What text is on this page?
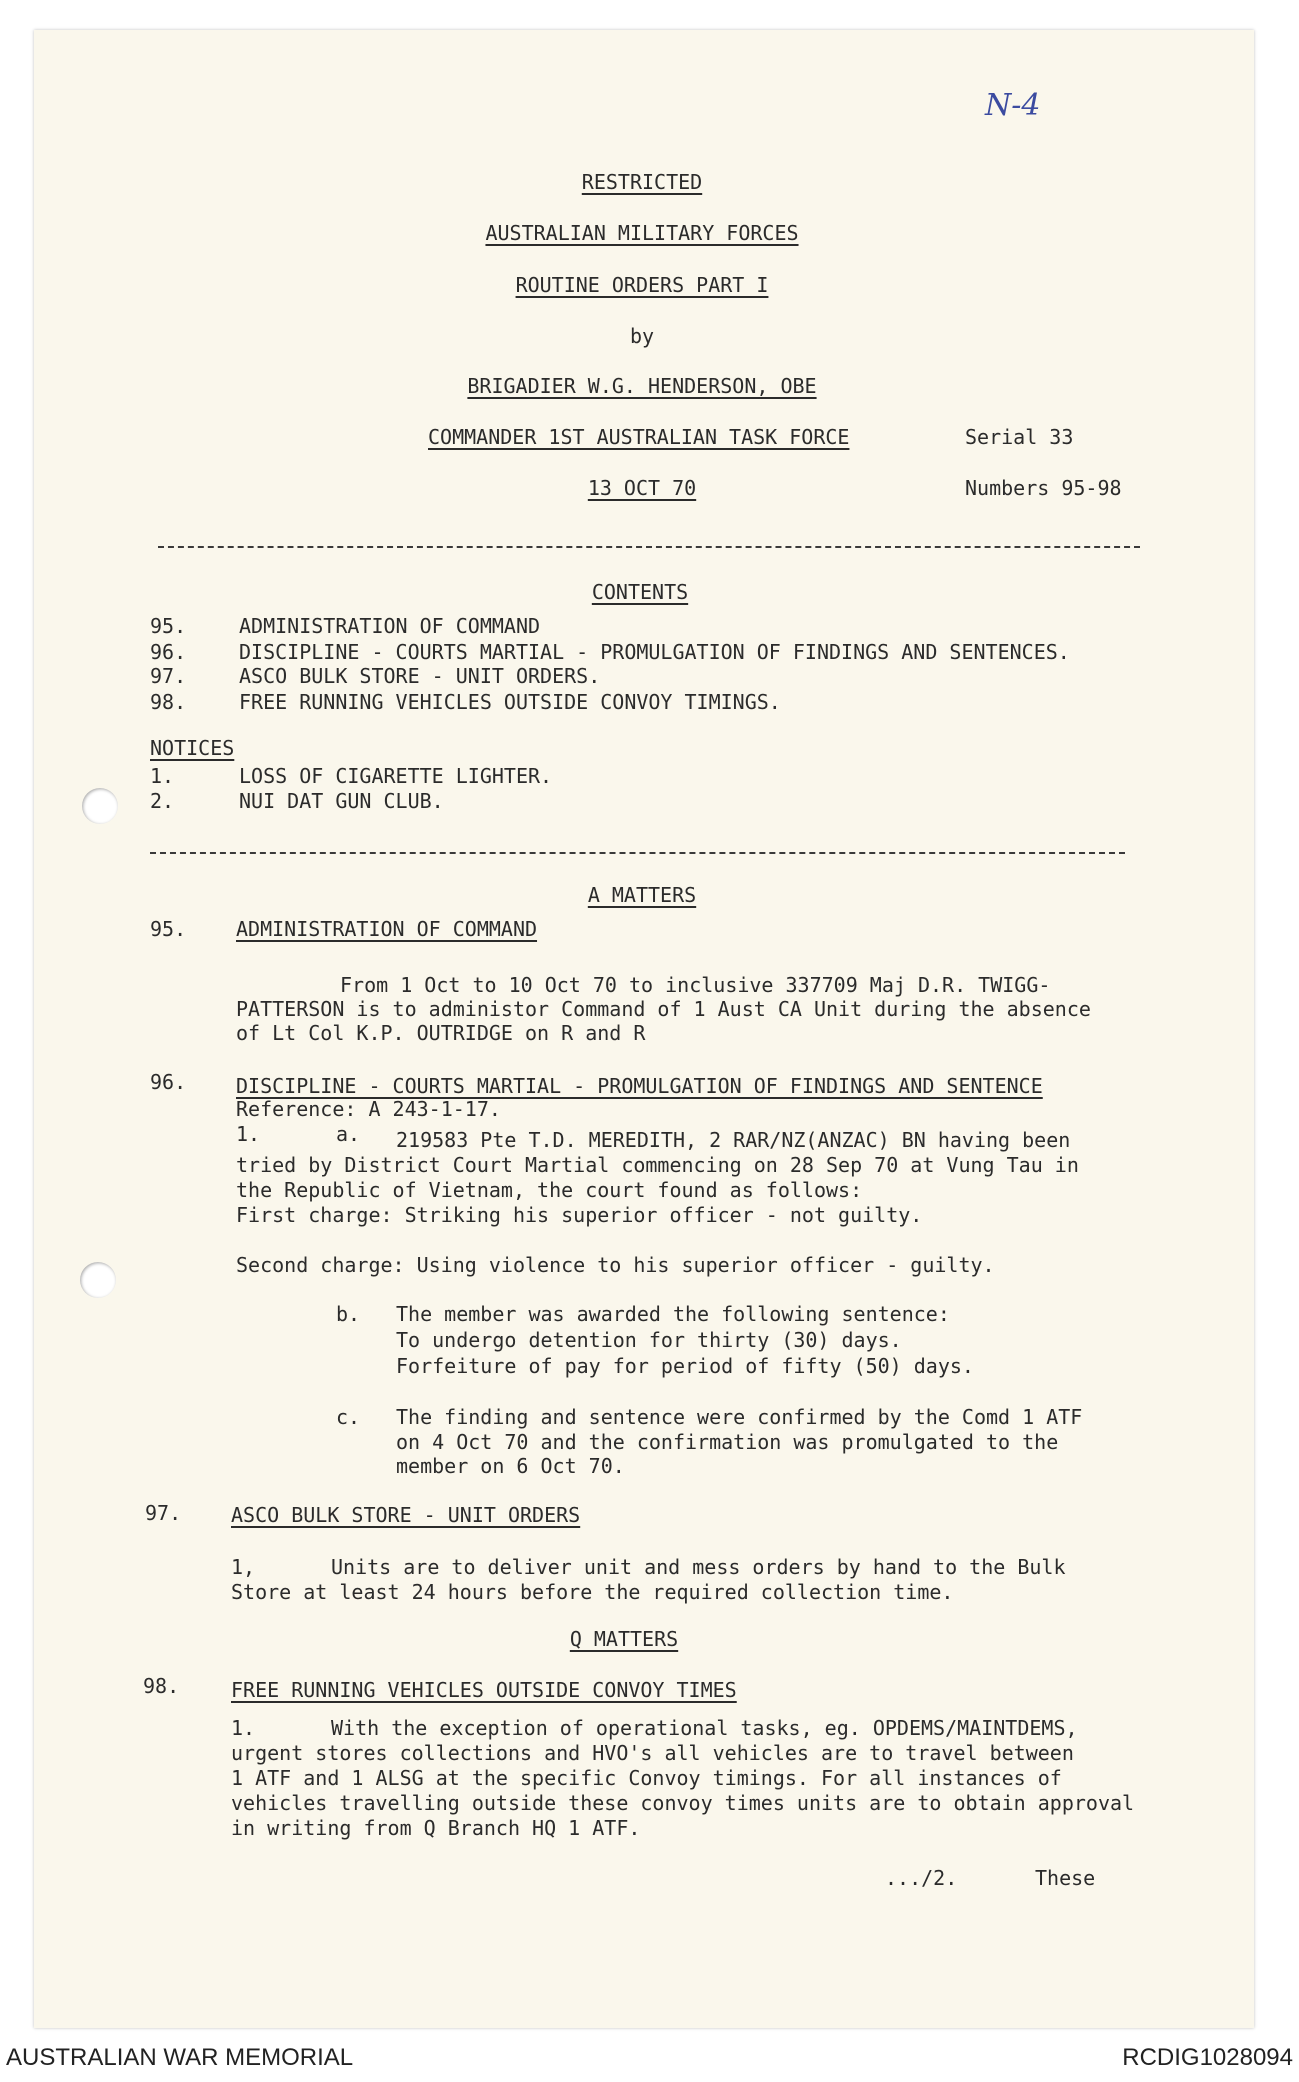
N-4
RESTRICTED
AUSTRALIAN MILITARY FORCES
ROUTINE ORDERS PART I
by
BRIGADIER W.G. HENDERSON, OBE
COMMANDER 1ST AUSTRALIAN TASK FORCE	Serial 33
13 OCT 70	Numbers 95-98
CONTENTS
95.	ADMINISTRATION OF COMMAND
96.	DISCIPLINE - COURTS MARTIAL - PROMULGATION OF FINDINGS AND SENTENCES.
97.	ASCO BULK STORE - UNIT ORDERS.
98.	FREE RUNNING VEHICLES OUTSIDE CONVOY TIMINGS.
NOTICES
1.	LOSS OF CIGARETTE LIGHTER.
2.	NUI DAT GUN CLUB.
A MATTERS
95. ADMINISTRATION OF COMMAND
From 1 Oct to 10 Oct 70 to inclusive 337709 Maj D.R. TWIGG-
PATTERSON is to administor Command of 1 Aust CA Unit during the absence
of Lt Col K.P. OUTRIDGE on R and R
96. DISCIPLINE - COURTS MARTIAL - PROMULGATION OF FINDINGS AND SENTENCE
Reference: A 243-1-17.
1.	a. 219583 Pte T.D. MEREDITH, 2 RAR/NZ(ANZAC) BN having been
tried by District Court Martial commencing on 28 Sep 70 at Vung Tau in
the Republic of Vietnam, the court found as follows:
First charge: Striking his superior officer - not guilty.
Second charge: Using violence to his superior officer - guilty.
b. The member was awarded the following sentence:
To undergo detention for thirty (30) days.
Forfeiture of pay for period of fifty (50) days.
c. The finding and sentence were confirmed by the Comd 1 ATF
on 4 Oct 70 and the confirmation was promulgated to the
member on 6 Oct 70.
97. ASCO BULK STORE - UNIT ORDERS
1,	Units are to deliver unit and mess orders by hand to the Bulk
Store at least 24 hours before the required collection time.
Q MATTERS
98.	FREE RUNNING VEHICLES OUTSIDE CONVOY TIMES
1.	With the exception of operational tasks, eg. OPDEMS/MAINTDEMS,
urgent stores collections and HVO's all vehicles are to travel between
1 ATF and 1 ALSG at the specific Convoy timings. For all instances of
vehicles travelling outside these convoy times units are to obtain approval
in writing from Q Branch HQ 1 ATF.
.../2.	These
AUSTRALIAN WAR MEMORIAL	RCDIG1028094
